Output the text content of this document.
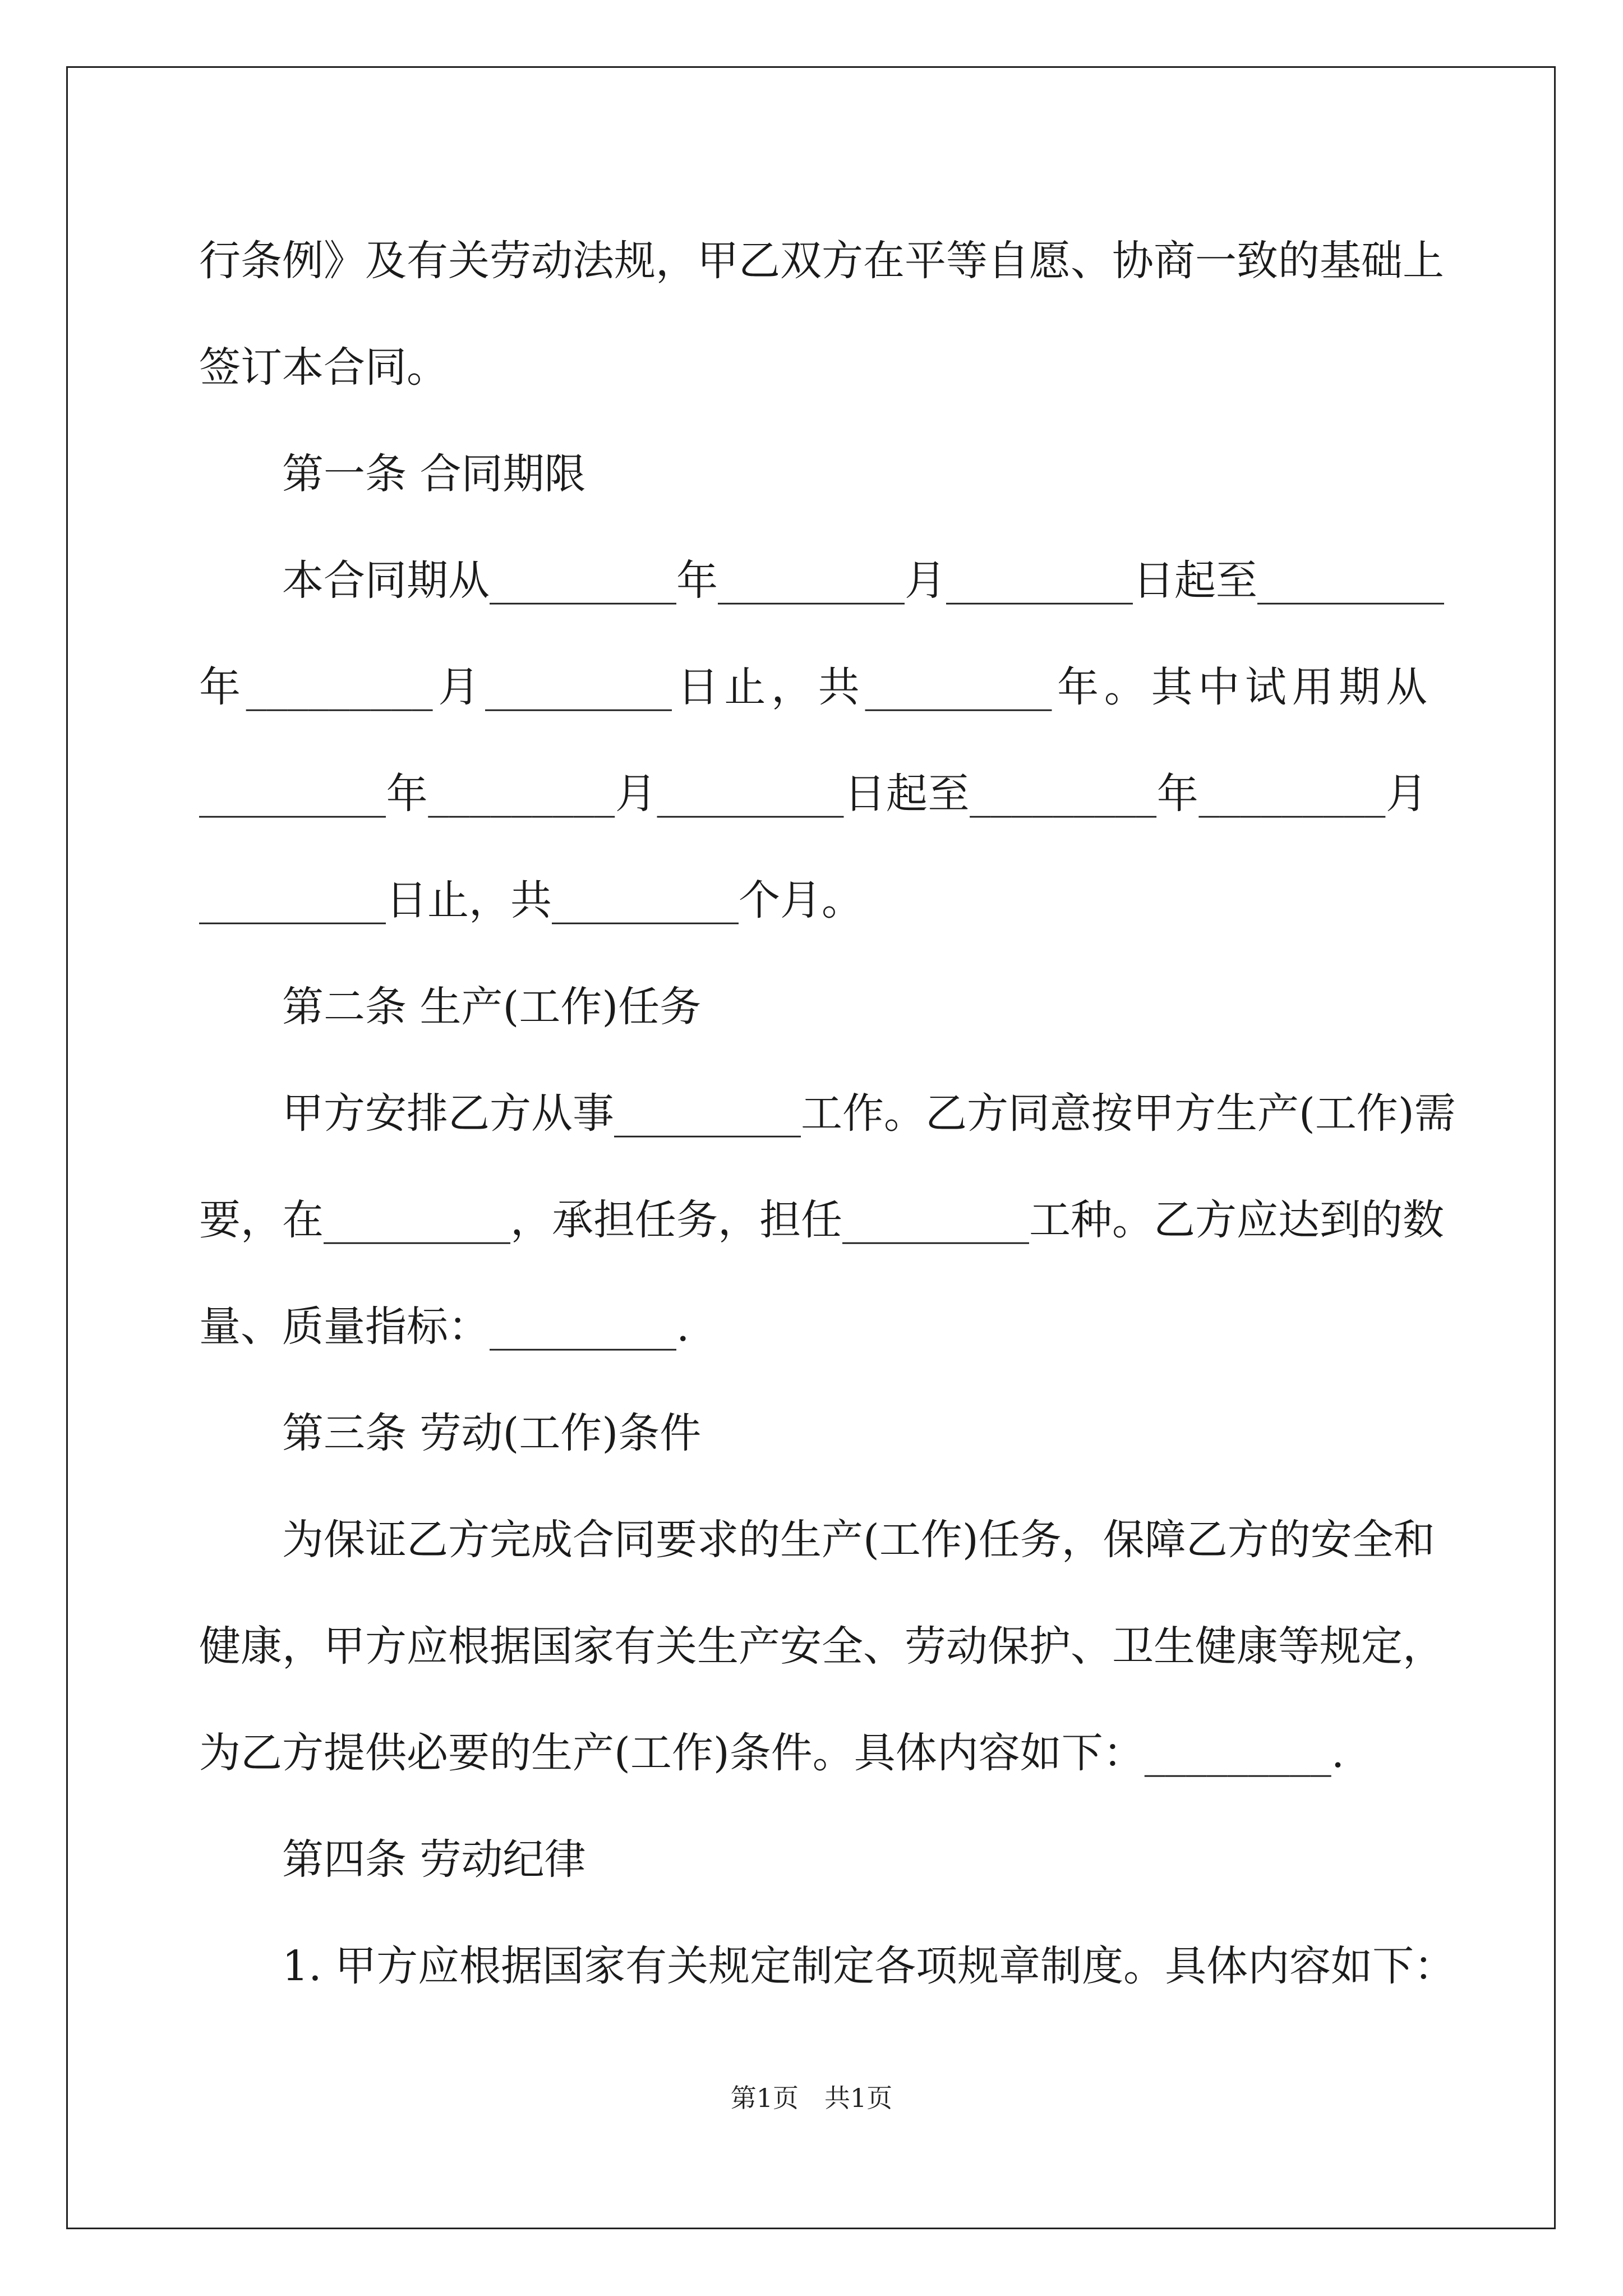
行条例》及有关劳动法规，甲乙双方在平等自愿、协商一致的基础上
签订本合同。
第一条 合同期限
本合同期从_________年_________月_________日起至_________
年_________月_________日止，共_________年。其中试用期从
_________年_________月_________日起至_________年_________月
_________日止，共_________个月。
第二条 生产(工作)任务
甲方安排乙方从事_________工作。乙方同意按甲方生产(工作)需
要，在_________，承担任务，担任_________工种。乙方应达到的数
量、质量指标：_________.
第三条 劳动(工作)条件
为保证乙方完成合同要求的生产(工作)任务，保障乙方的安全和
健康，甲方应根据国家有关生产安全、劳动保护、卫生健康等规定，
为乙方提供必要的生产(工作)条件。具体内容如下：_________.
第四条 劳动纪律
1. 甲方应根据国家有关规定制定各项规章制度。具体内容如下：
第1页　共1页
